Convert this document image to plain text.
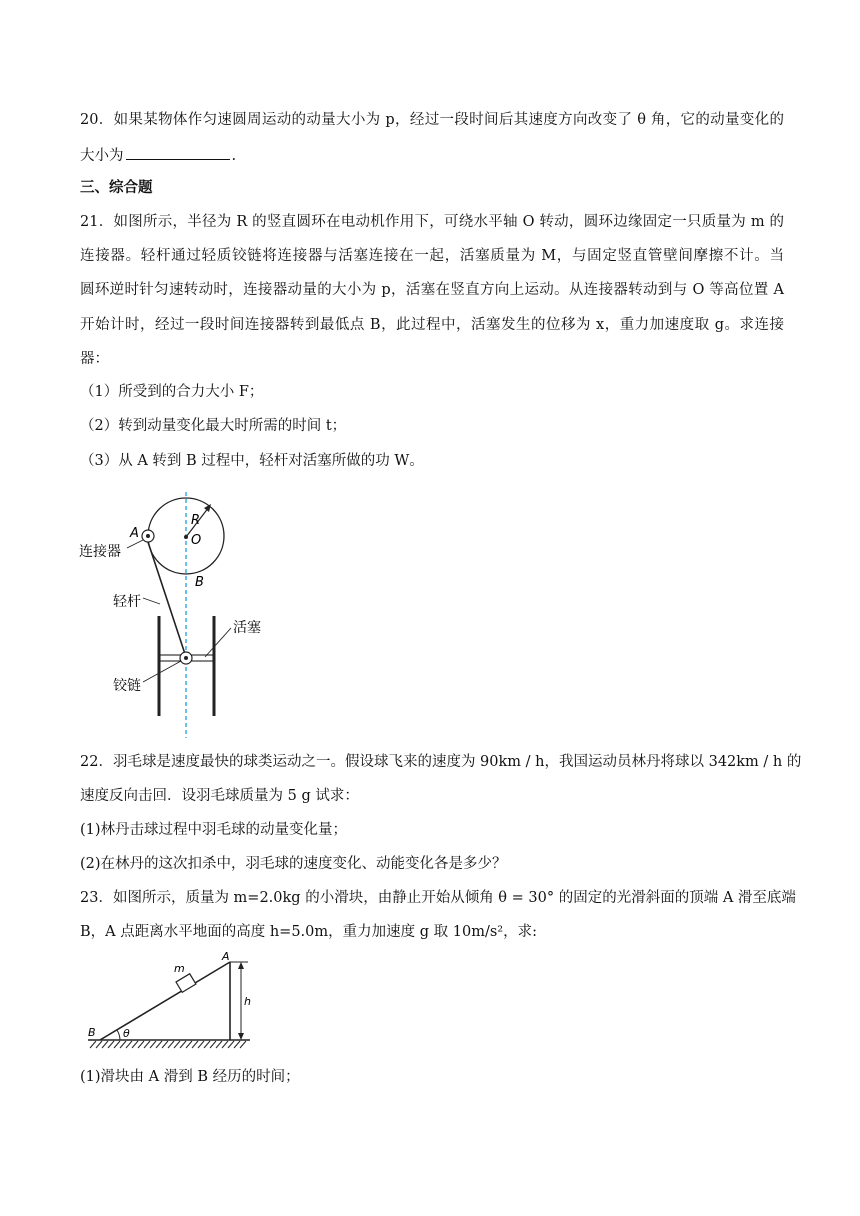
20．如果某物体作匀速圆周运动的动量大小为 p，经过一段时间后其速度方向改变了 θ 角，它的动量变化的
大小为	.
三、综合题
21．如图所示，半径为 R 的竖直圆环在电动机作用下，可绕水平轴 O 转动，圆环边缘固定一只质量为 m 的
连接器。轻杆通过轻质铰链将连接器与活塞连接在一起，活塞质量为 M，与固定竖直管壁间摩擦不计。当
圆环逆时针匀速转动时，连接器动量的大小为 p，活塞在竖直方向上运动。从连接器转动到与 O 等高位置 A
开始计时，经过一段时间连接器转到最低点 B，此过程中，活塞发生的位移为 x，重力加速度取 g。求连接
器：
（1）所受到的合力大小 F；
（2）转到动量变化最大时所需的时间 t；
（3）从 A 转到 B 过程中，轻杆对活塞所做的功 W。
A
R
O
B
连接器
轻杆
活塞
铰链
22．羽毛球是速度最快的球类运动之一。假设球飞来的速度为 90km / h，我国运动员林丹将球以 342km / h 的
速度反向击回．设羽毛球质量为 5 g 试求：
(1)林丹击球过程中羽毛球的动量变化量；
(2)在林丹的这次扣杀中，羽毛球的速度变化、动能变化各是多少？
23．如图所示，质量为 m=2.0kg 的小滑块，由静止开始从倾角 θ = 30° 的固定的光滑斜面的顶端 A 滑至底端
B，A 点距离水平地面的高度 h=5.0m，重力加速度 g 取 10m/s²，求:
m
A
h
B θ
(1)滑块由 A 滑到 B 经历的时间；
